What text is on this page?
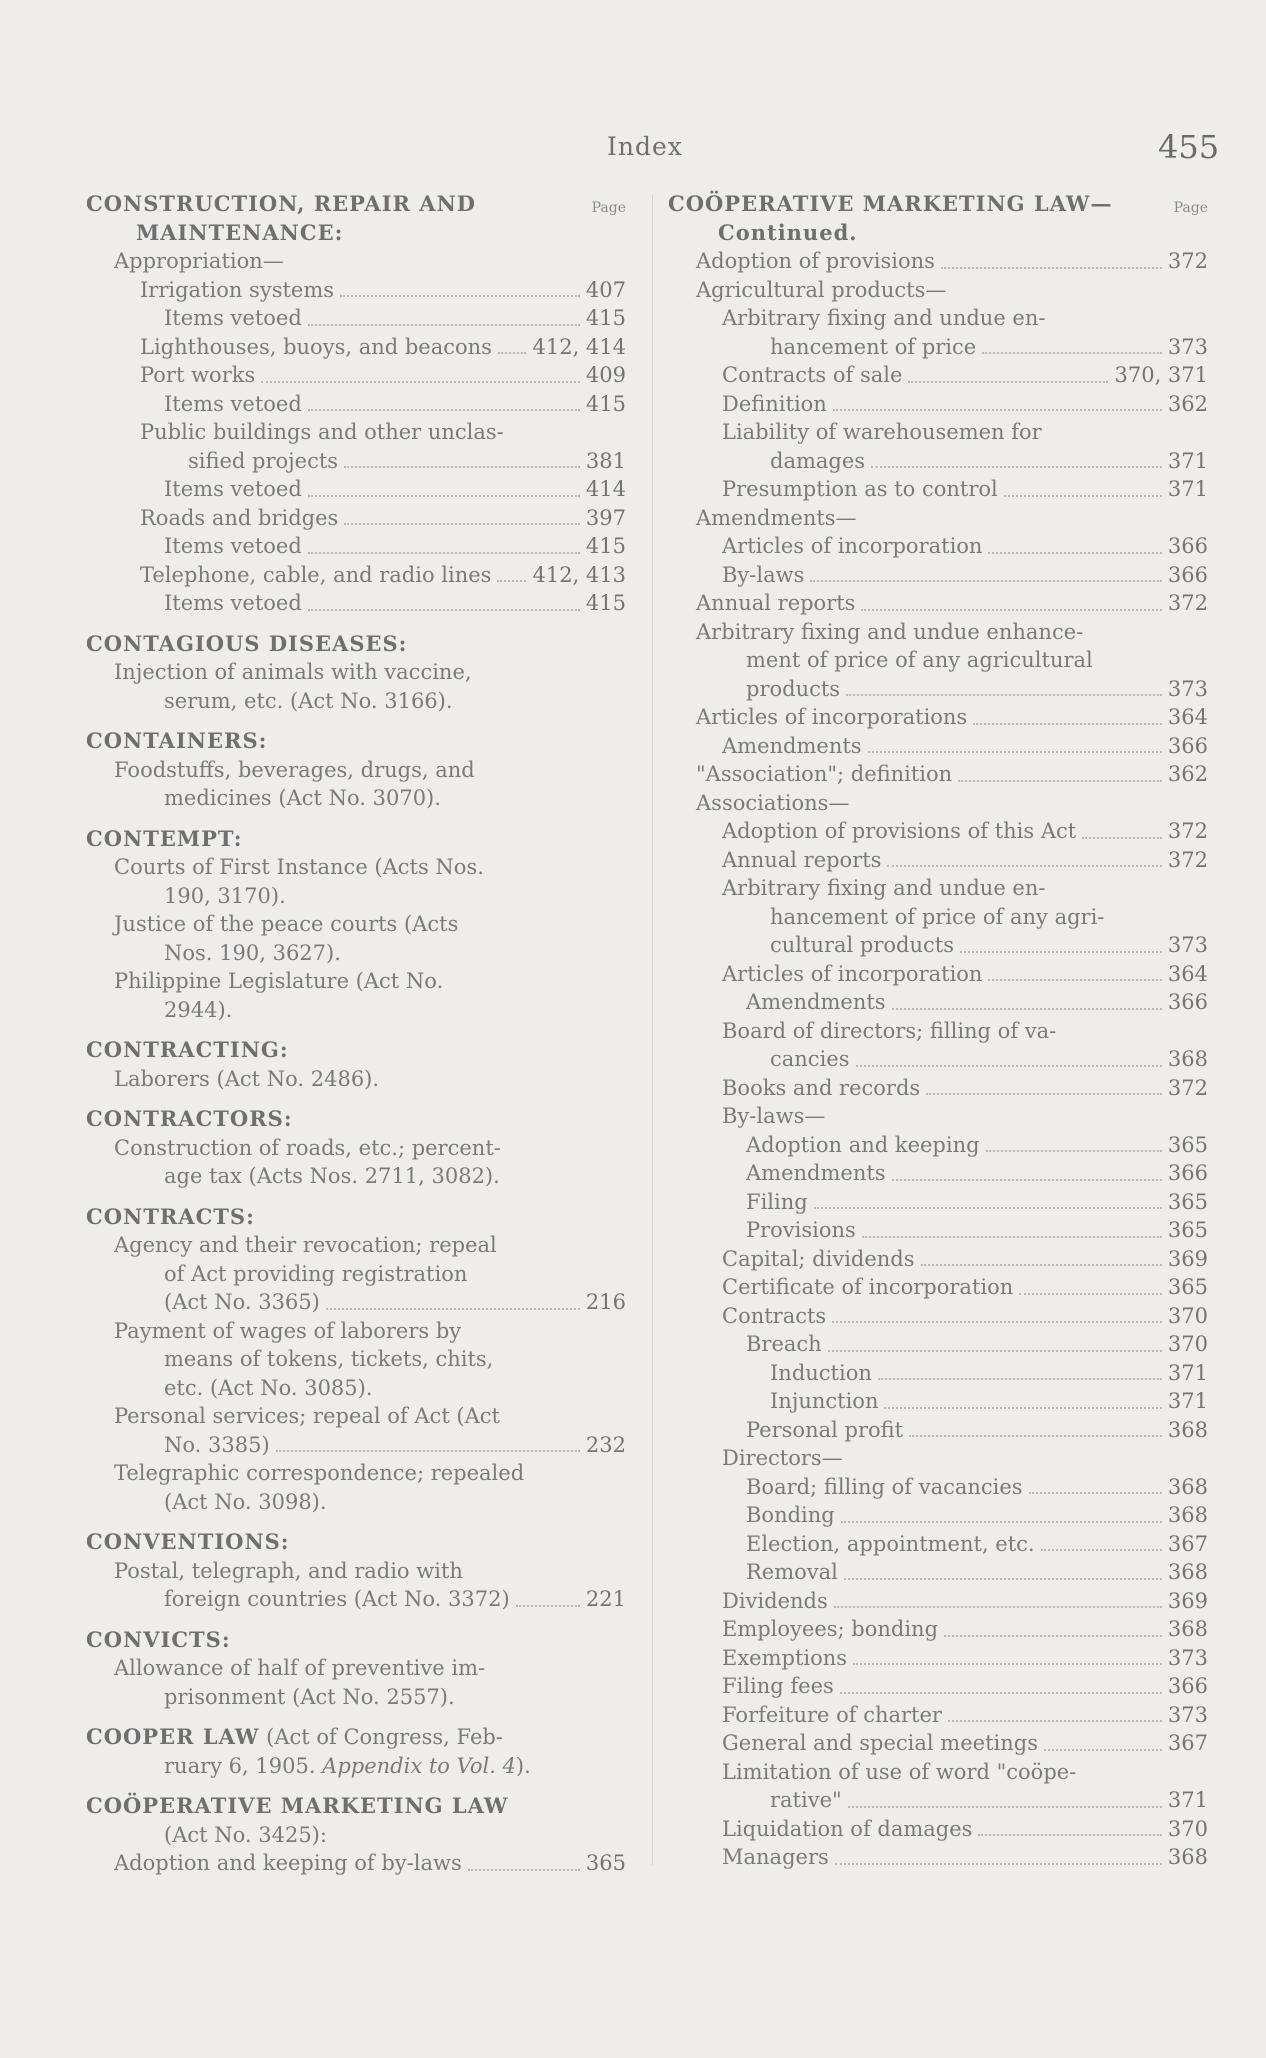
Index	455
Page
CONSTRUCTION, REPAIR AND
MAINTENANCE:
Appropriation—
Irrigation systems	407
Items vetoed	415
Lighthouses, buoys, and beacons 412, 414
Port works	409
Items vetoed	415
Public buildings and other unclas-
sified projects	381
Items vetoed	414
Roads and bridges	397
Items vetoed	415
Telephone, cable, and radio lines 412, 413
Items vetoed	415
CONTAGIOUS DISEASES:
Injection of animals with vaccine,
serum, etc. (Act No. 3166).
CONTAINERS:
Foodstuffs, beverages, drugs, and
medicines (Act No. 3070).
CONTEMPT:
Courts of First Instance (Acts Nos.
190, 3170).
Justice of the peace courts (Acts
Nos. 190, 3627).
Philippine Legislature (Act No.
2944).
CONTRACTING:
Laborers (Act No. 2486).
CONTRACTORS:
Construction of roads, etc.; percent-
age tax (Acts Nos. 2711, 3082).
CONTRACTS:
Agency and their revocation; repeal
of Act providing registration
(Act No. 3365)	216
Payment of wages of laborers by
means of tokens, tickets, chits,
etc. (Act No. 3085).
Personal services; repeal of Act (Act
No. 3385)	232
Telegraphic correspondence; repealed
(Act No. 3098).
CONVENTIONS:
Postal, telegraph, and radio with
foreign countries (Act No. 3372)	221
CONVICTS:
Allowance of half of preventive im-
prisonment (Act No. 2557).
COOPER LAW (Act of Congress, Feb-
ruary 6, 1905. Appendix to Vol. 4).
COÖPERATIVE MARKETING LAW
(Act No. 3425):
Adoption and keeping of by-laws	365
Page
COÖPERATIVE MARKETING LAW—
Continued.
Adoption of provisions	372
Agricultural products—
Arbitrary fixing and undue en-
hancement of price	373
Contracts of sale	370, 371
Definition	362
Liability of warehousemen for
damages	371
Presumption as to control	371
Amendments—
Articles of incorporation	366
By-laws	366
Annual reports	372
Arbitrary fixing and undue enhance-
ment of price of any agricultural
products	373
Articles of incorporations	364
Amendments	366
"Association"; definition	362
Associations—
Adoption of provisions of this Act	372
Annual reports	372
Arbitrary fixing and undue en-
hancement of price of any agri-
cultural products	373
Articles of incorporation	364
Amendments	366
Board of directors; filling of va-
cancies	368
Books and records	372
By-laws—
Adoption and keeping	365
Amendments	366
Filing	365
Provisions	365
Capital; dividends	369
Certificate of incorporation	365
Contracts	370
Breach	370
Induction	371
Injunction	371
Personal profit	368
Directors—
Board; filling of vacancies	368
Bonding	368
Election, appointment, etc.	367
Removal	368
Dividends	369
Employees; bonding	368
Exemptions	373
Filing fees	366
Forfeiture of charter	373
General and special meetings	367
Limitation of use of word "coöpe-
rative"	371
Liquidation of damages	370
Managers	368
